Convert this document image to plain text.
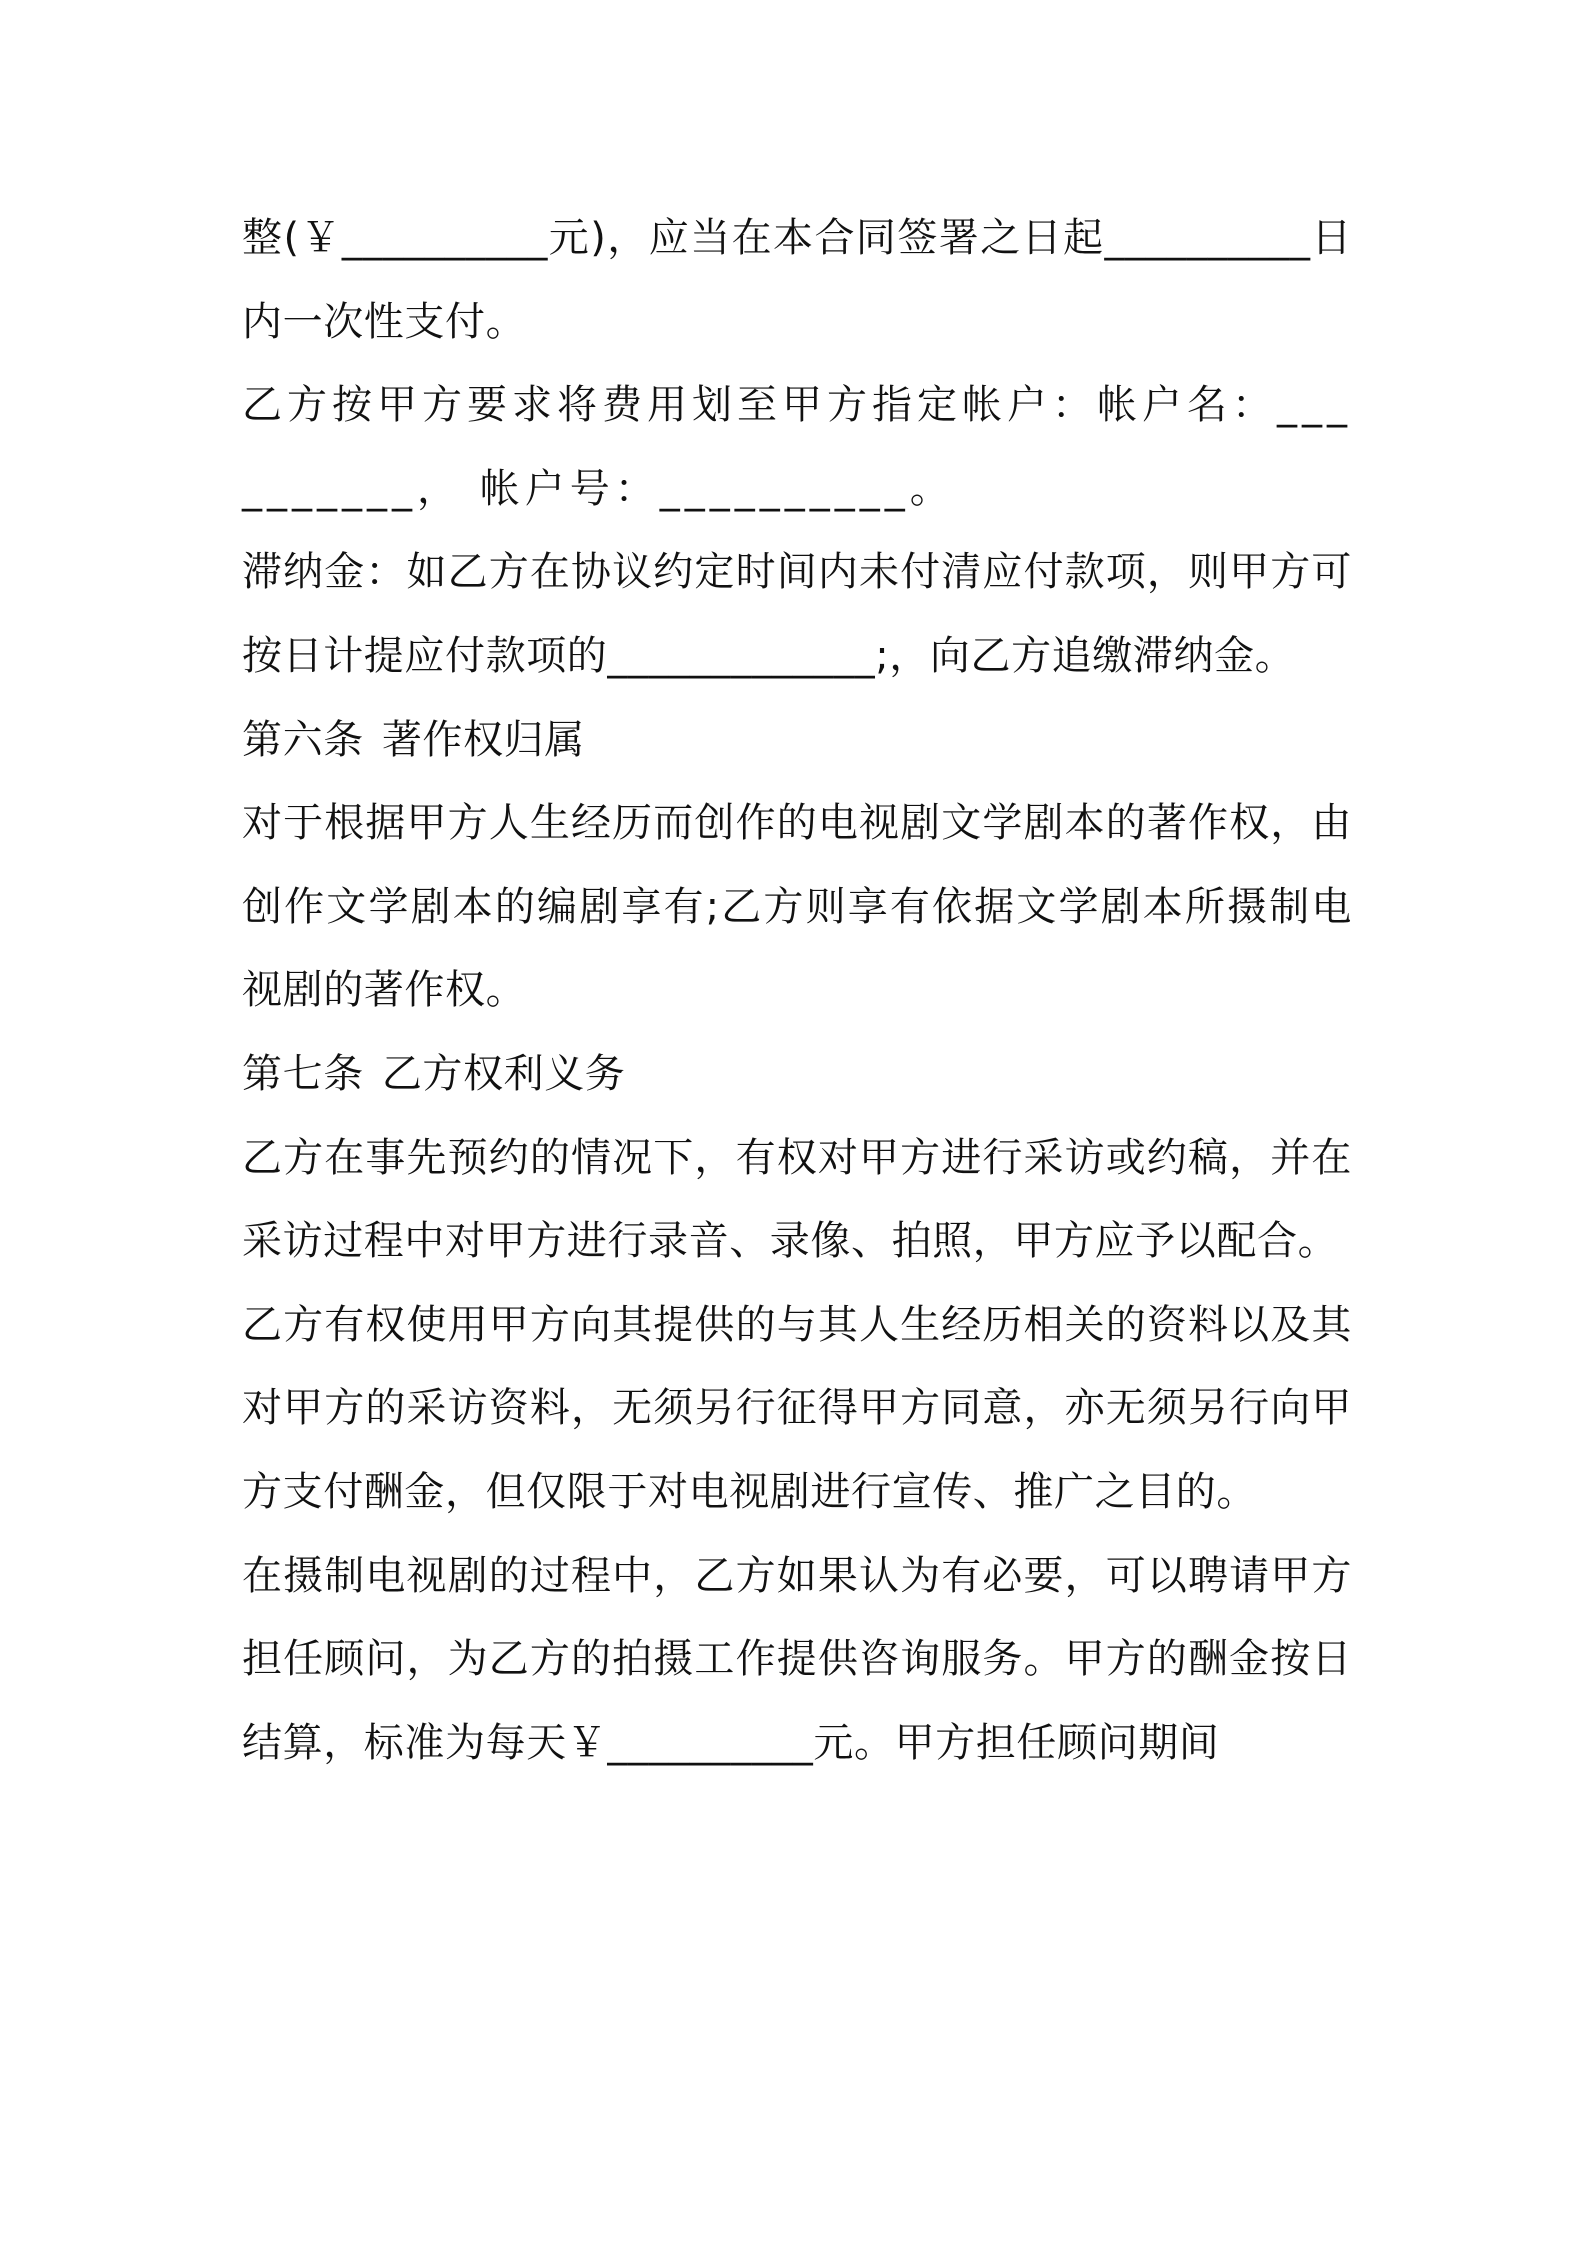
整(￥__________元)，应当在本合同签署之日起__________日内一次性支付。

乙方按甲方要求将费用划至甲方指定帐户：帐户名：__________， 帐户号：__________。

滞纳金：如乙方在协议约定时间内未付清应付款项，则甲方可按日计提应付款项的_____________;，向乙方追缴滞纳金。

第六条 著作权归属

对于根据甲方人生经历而创作的电视剧文学剧本的著作权，由创作文学剧本的编剧享有;乙方则享有依据文学剧本所摄制电视剧的著作权。

第七条 乙方权利义务

乙方在事先预约的情况下，有权对甲方进行采访或约稿，并在采访过程中对甲方进行录音、录像、拍照，甲方应予以配合。

乙方有权使用甲方向其提供的与其人生经历相关的资料以及其对甲方的采访资料，无须另行征得甲方同意，亦无须另行向甲方支付酬金，但仅限于对电视剧进行宣传、推广之目的。

在摄制电视剧的过程中，乙方如果认为有必要，可以聘请甲方担任顾问，为乙方的拍摄工作提供咨询服务。甲方的酬金按日结算，标准为每天￥__________元。甲方担任顾问期间
